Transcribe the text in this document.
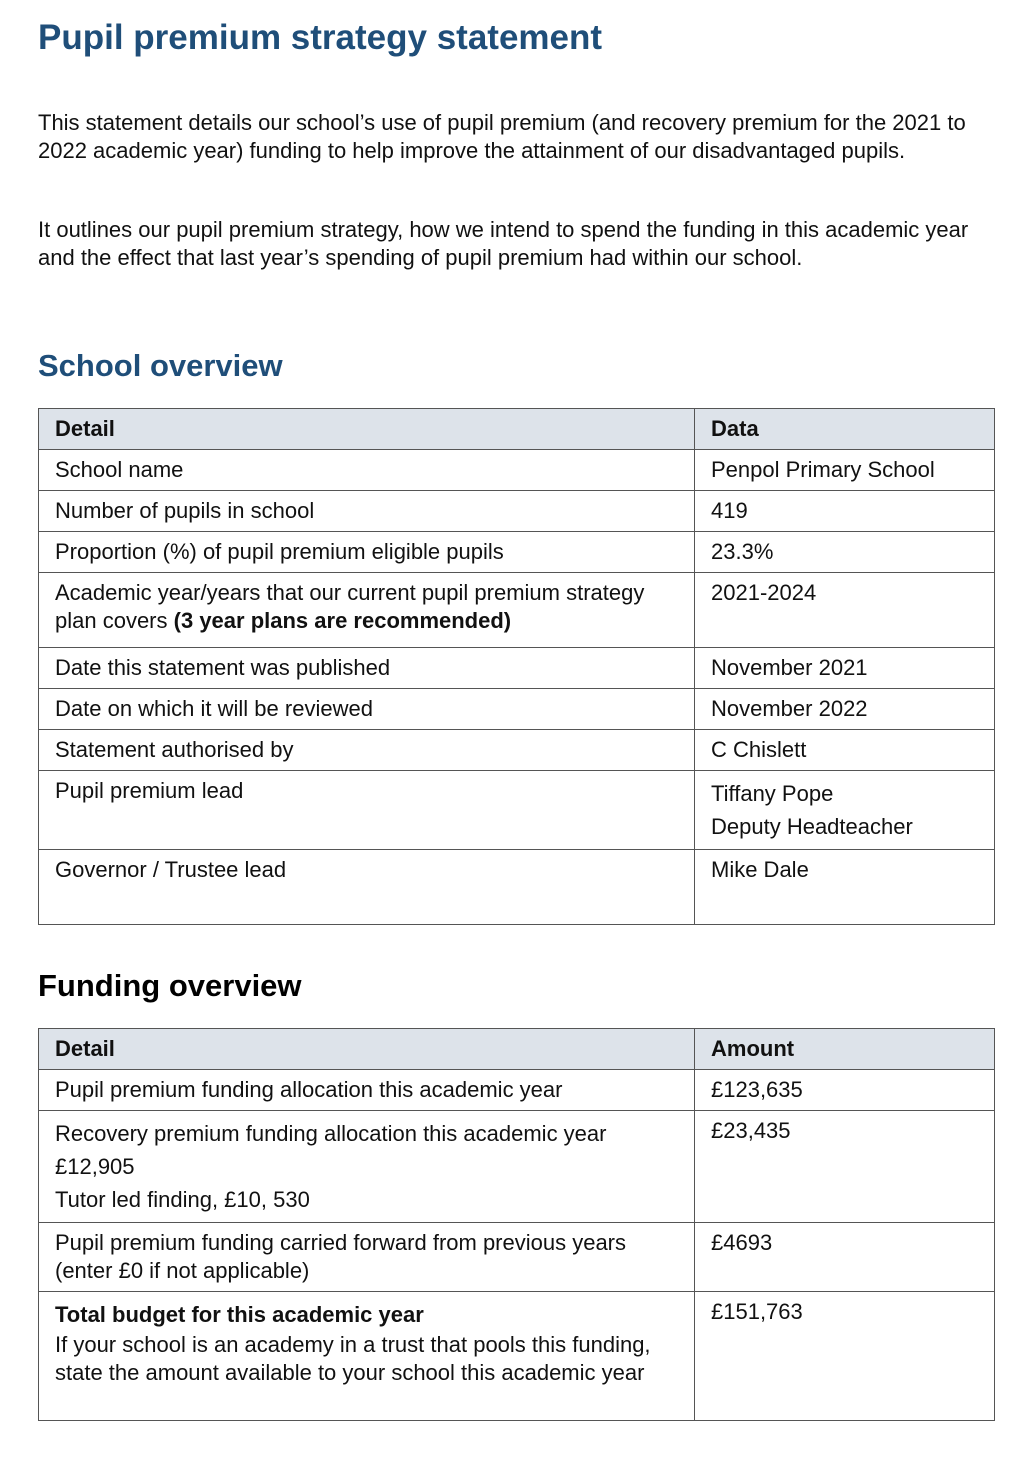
Pupil premium strategy statement

This statement details our school’s use of pupil premium (and recovery premium for the 2021 to 2022 academic year) funding to help improve the attainment of our disadvantaged pupils.

It outlines our pupil premium strategy, how we intend to spend the funding in this academic year and the effect that last year’s spending of pupil premium had within our school.

School overview
Detail	Data
School name	Penpol Primary School
Number of pupils in school	419
Proportion (%) of pupil premium eligible pupils	23.3%
Academic year/years that our current pupil premium strategy plan covers (3 year plans are recommended)	2021-2024
Date this statement was published	November 2021
Date on which it will be reviewed	November 2022
Statement authorised by	C Chislett
Pupil premium lead	Tiffany Pope
Deputy Headteacher

Governor / Trustee lead	Mike Dale
Funding overview
Detail	Amount
Pupil premium funding allocation this academic year	£123,635

Recovery premium funding allocation this academic year
£12,905
Tutor led finding, £10, 530	£23,435
Pupil premium funding carried forward from previous years (enter £0 if not applicable)	£4693

Total budget for this academic year
If your school is an academy in a trust that pools this funding, state the amount available to your school this academic year	£151,763
